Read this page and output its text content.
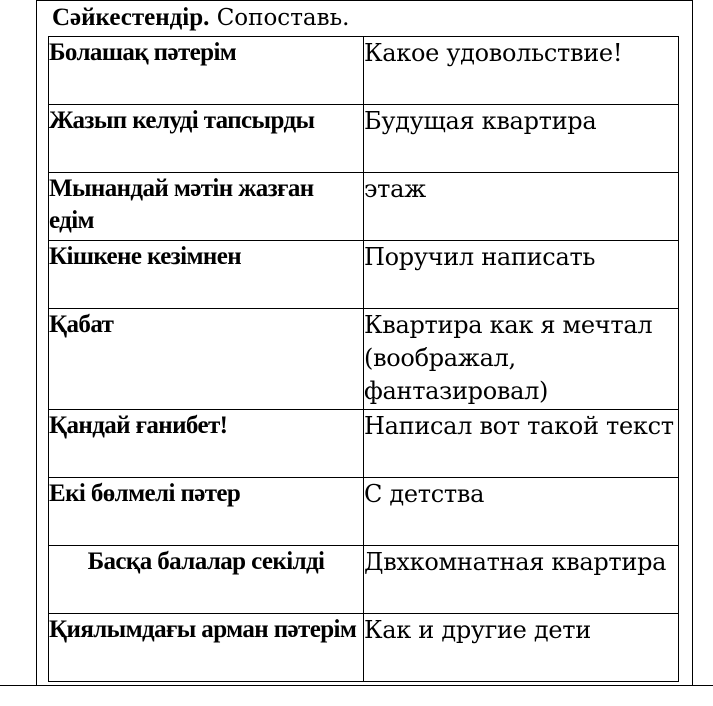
Сәйкестендір. Сопоставь.
Болашақ пәтерім	Какое удовольствие!
Жазып келуді тапсырды	Будущая квартира
Мынандай мәтін жазған едім	этаж
Кішкене кезімнен	Поручил написать
Қабат	Квартира как я мечтал (воображал, фантазировал)
Қандай ғанибет!	Написал вот такой текст
Екі бөлмелі пәтер	С детства
Басқа балалар секілді	Двхкомнатная квартира
Қиялымдағы арман пәтерім	Как и другие дети
